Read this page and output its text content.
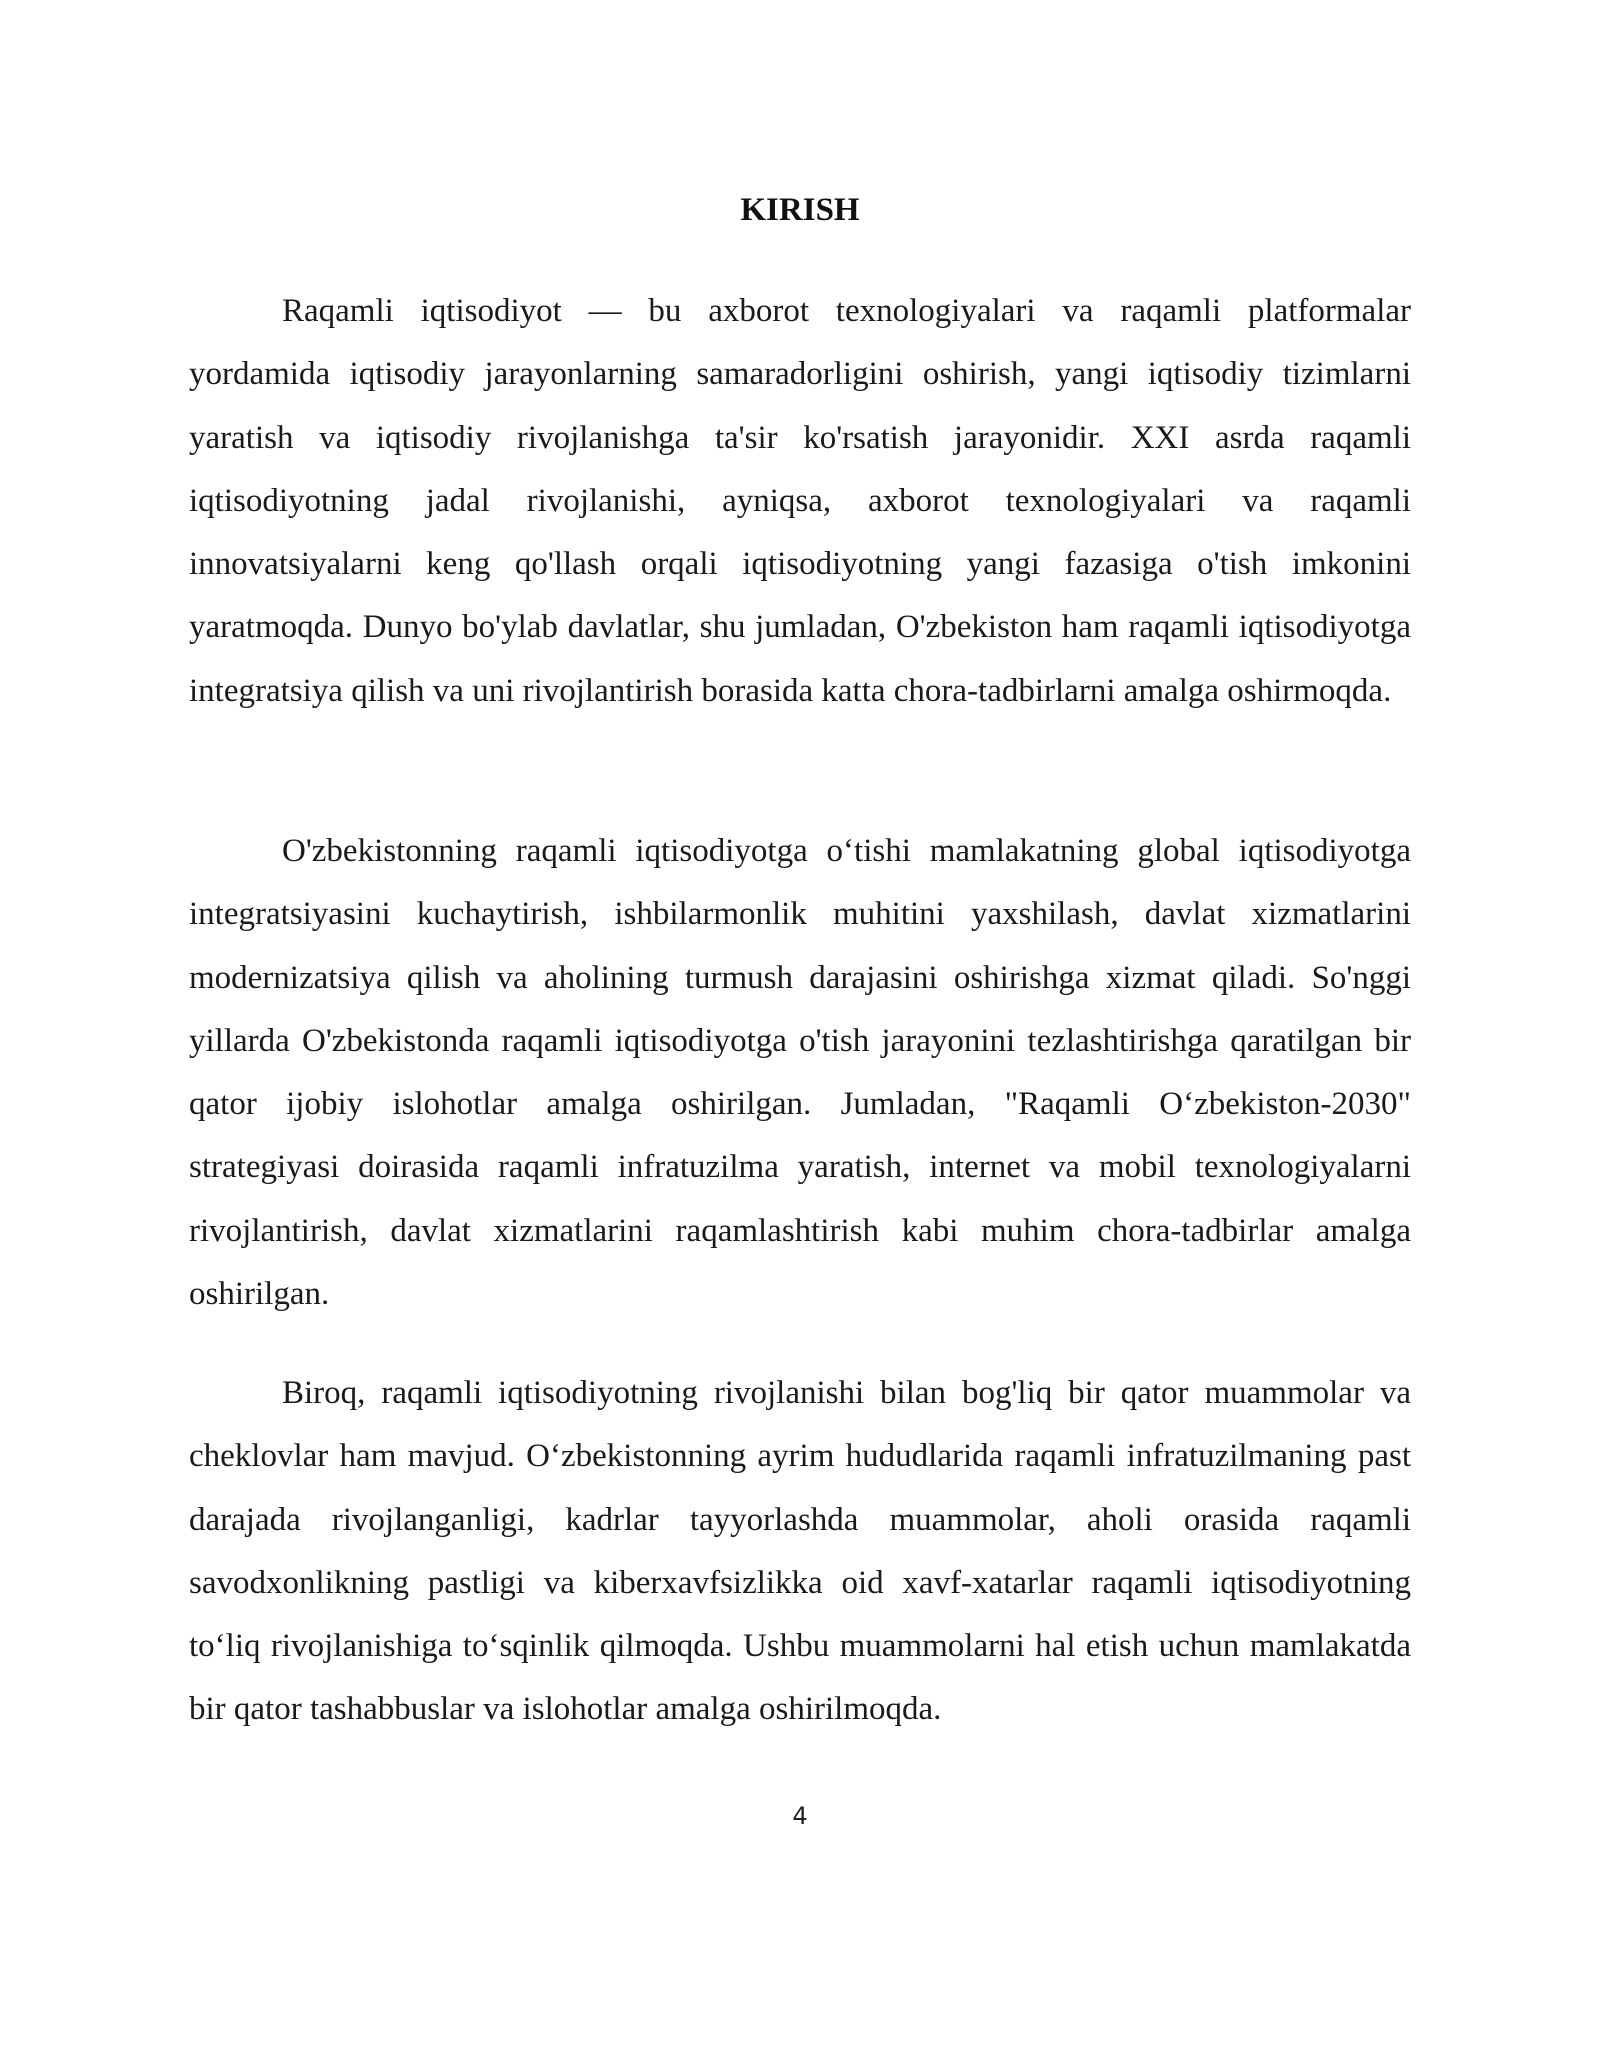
KIRISH

Raqamli iqtisodiyot — bu axborot texnologiyalari va raqamli platformalar yordamida iqtisodiy jarayonlarning samaradorligini oshirish, yangi iqtisodiy tizimlarni yaratish va iqtisodiy rivojlanishga ta'sir ko'rsatish jarayonidir. XXI asrda raqamli iqtisodiyotning jadal rivojlanishi, ayniqsa, axborot texnologiyalari va raqamli innovatsiyalarni keng qo'llash orqali iqtisodiyotning yangi fazasiga o'tish imkonini yaratmoqda. Dunyo bo'ylab davlatlar, shu jumladan, O'zbekiston ham raqamli iqtisodiyotga integratsiya qilish va uni rivojlantirish borasida katta chora-tadbirlarni amalga oshirmoqda.

O'zbekistonning raqamli iqtisodiyotga o‘tishi mamlakatning global iqtisodiyotga integratsiyasini kuchaytirish, ishbilarmonlik muhitini yaxshilash, davlat xizmatlarini modernizatsiya qilish va aholining turmush darajasini oshirishga xizmat qiladi. So'nggi yillarda O'zbekistonda raqamli iqtisodiyotga o'tish jarayonini tezlashtirishga qaratilgan bir qator ijobiy islohotlar amalga oshirilgan. Jumladan, "Raqamli O‘zbekiston-2030" strategiyasi doirasida raqamli infratuzilma yaratish, internet va mobil texnologiyalarni rivojlantirish, davlat xizmatlarini raqamlashtirish kabi muhim chora-tadbirlar amalga oshirilgan.

Biroq, raqamli iqtisodiyotning rivojlanishi bilan bog'liq bir qator muammolar va cheklovlar ham mavjud. O‘zbekistonning ayrim hududlarida raqamli infratuzilmaning past darajada rivojlanganligi, kadrlar tayyorlashda muammolar, aholi orasida raqamli savodxonlikning pastligi va kiberxavfsizlikka oid xavf-xatarlar raqamli iqtisodiyotning to‘liq rivojlanishiga to‘sqinlik qilmoqda. Ushbu muammolarni hal etish uchun mamlakatda bir qator tashabbuslar va islohotlar amalga oshirilmoqda.

4
